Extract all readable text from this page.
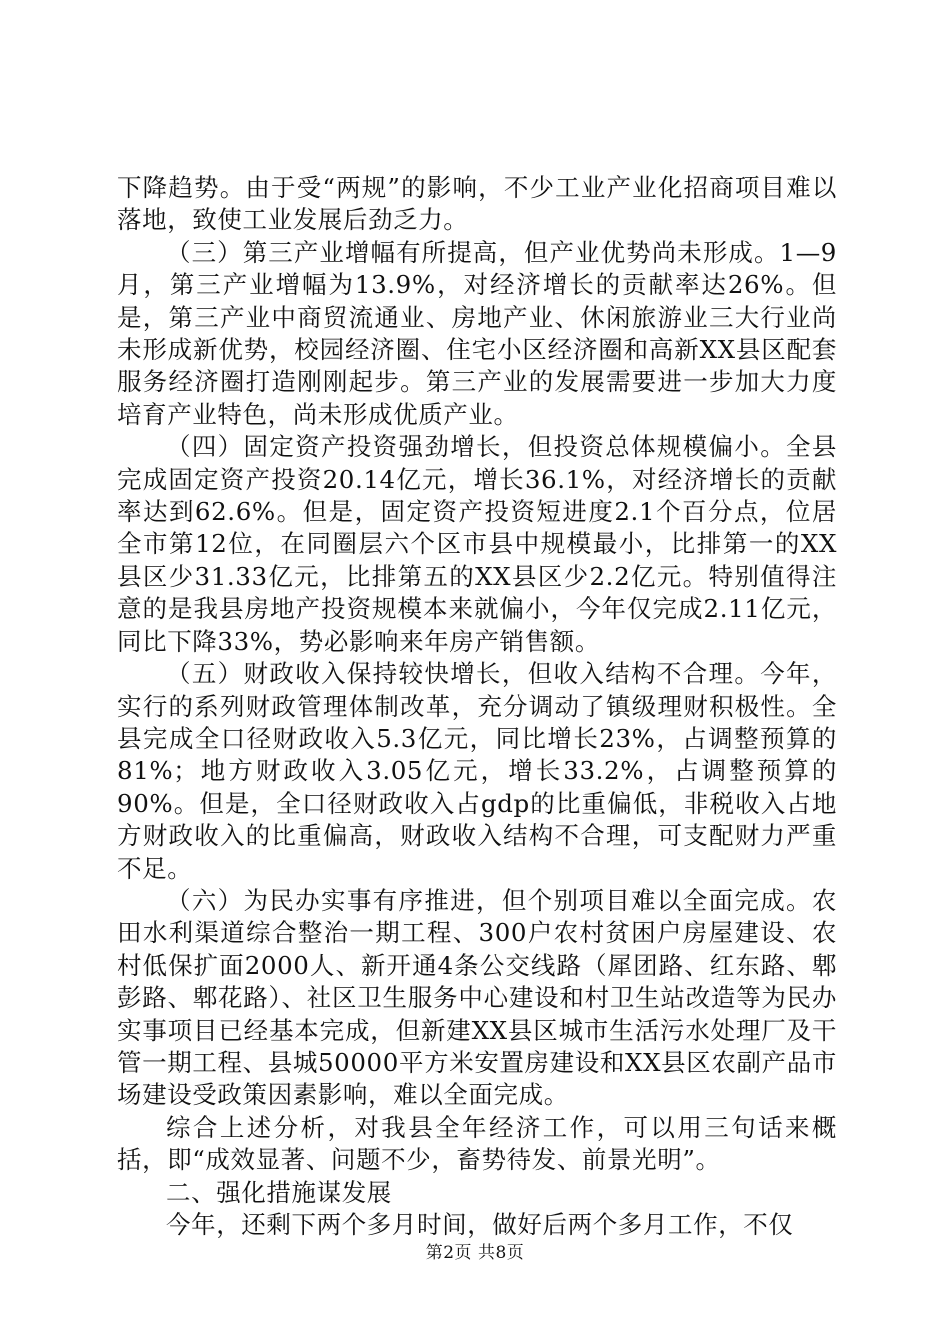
下降趋势。由于受“两规”的影响，不少工业产业化招商项目难以落地，致使工业发展后劲乏力。

（三）第三产业增幅有所提高，但产业优势尚未形成。1—9月，第三产业增幅为13.9%，对经济增长的贡献率达26%。但是，第三产业中商贸流通业、房地产业、休闲旅游业三大行业尚未形成新优势，校园经济圈、住宅小区经济圈和高新XX县区配套服务经济圈打造刚刚起步。第三产业的发展需要进一步加大力度培育产业特色，尚未形成优质产业。

（四）固定资产投资强劲增长，但投资总体规模偏小。全县完成固定资产投资20.14亿元，增长36.1%，对经济增长的贡献率达到62.6%。但是，固定资产投资短进度2.1个百分点，位居全市第12位，在同圈层六个区市县中规模最小，比排第一的XX县区少31.33亿元，比排第五的XX县区少2.2亿元。特别值得注意的是我县房地产投资规模本来就偏小，今年仅完成2.11亿元，同比下降33%，势必影响来年房产销售额。

（五）财政收入保持较快增长，但收入结构不合理。今年，实行的系列财政管理体制改革，充分调动了镇级理财积极性。全县完成全口径财政收入5.3亿元，同比增长23%，占调整预算的81%；地方财政收入3.05亿元，增长33.2%，占调整预算的90%。但是，全口径财政收入占gdp的比重偏低，非税收入占地方财政收入的比重偏高，财政收入结构不合理，可支配财力严重不足。

（六）为民办实事有序推进，但个别项目难以全面完成。农田水利渠道综合整治一期工程、300户农村贫困户房屋建设、农村低保扩面2000人、新开通4条公交线路（犀团路、红东路、郫彭路、郫花路）、社区卫生服务中心建设和村卫生站改造等为民办实事项目已经基本完成，但新建XX县区城市生活污水处理厂及干管一期工程、县城50000平方米安置房建设和XX县区农副产品市场建设受政策因素影响，难以全面完成。

综合上述分析，对我县全年经济工作，可以用三句话来概括，即“成效显著、问题不少，畜势待发、前景光明”。

二、强化措施谋发展

今年，还剩下两个多月时间，做好后两个多月工作，不仅

第2页 共8页
